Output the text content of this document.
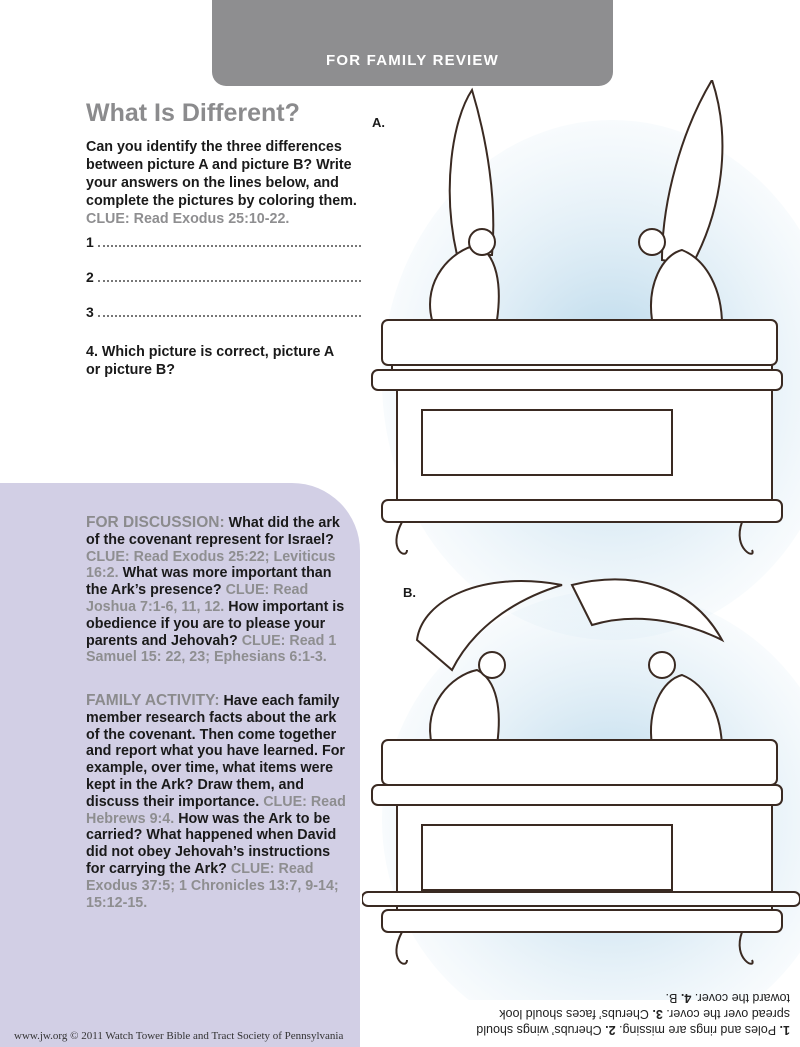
FOR FAMILY REVIEW
What Is Different?
Can you identify the three differences between picture A and picture B? Write your answers on the lines below, and complete the pictures by coloring them. CLUE: Read Exodus 25:10-22.
1
2
3
4. Which picture is correct, picture A or picture B?
FOR DISCUSSION: What did the ark of the covenant represent for Israel? CLUE: Read Exodus 25:22; Leviticus 16:2. What was more important than the Ark’s presence? CLUE: Read Joshua 7:1-6, 11, 12. How important is obedience if you are to please your parents and Jehovah? CLUE: Read 1 Samuel 15: 22, 23; Ephesians 6:1-3.
FAMILY ACTIVITY: Have each family member research facts about the ark of the covenant. Then come together and report what you have learned. For example, over time, what items were kept in the Ark? Draw them, and discuss their importance. CLUE: Read Hebrews 9:4. How was the Ark to be carried? What happened when David did not obey Jehovah’s instructions for carrying the Ark? CLUE: Read Exodus 37:5; 1 Chronicles 13:7, 9-14; 15:12-15.
www.jw.org © 2011 Watch Tower Bible and Tract Society of Pennsylvania
A.
B.
1. Poles and rings are missing. 2. Cherubs’ wings should spread over the cover. 3. Cherubs’ faces should look toward the cover. 4. B.
